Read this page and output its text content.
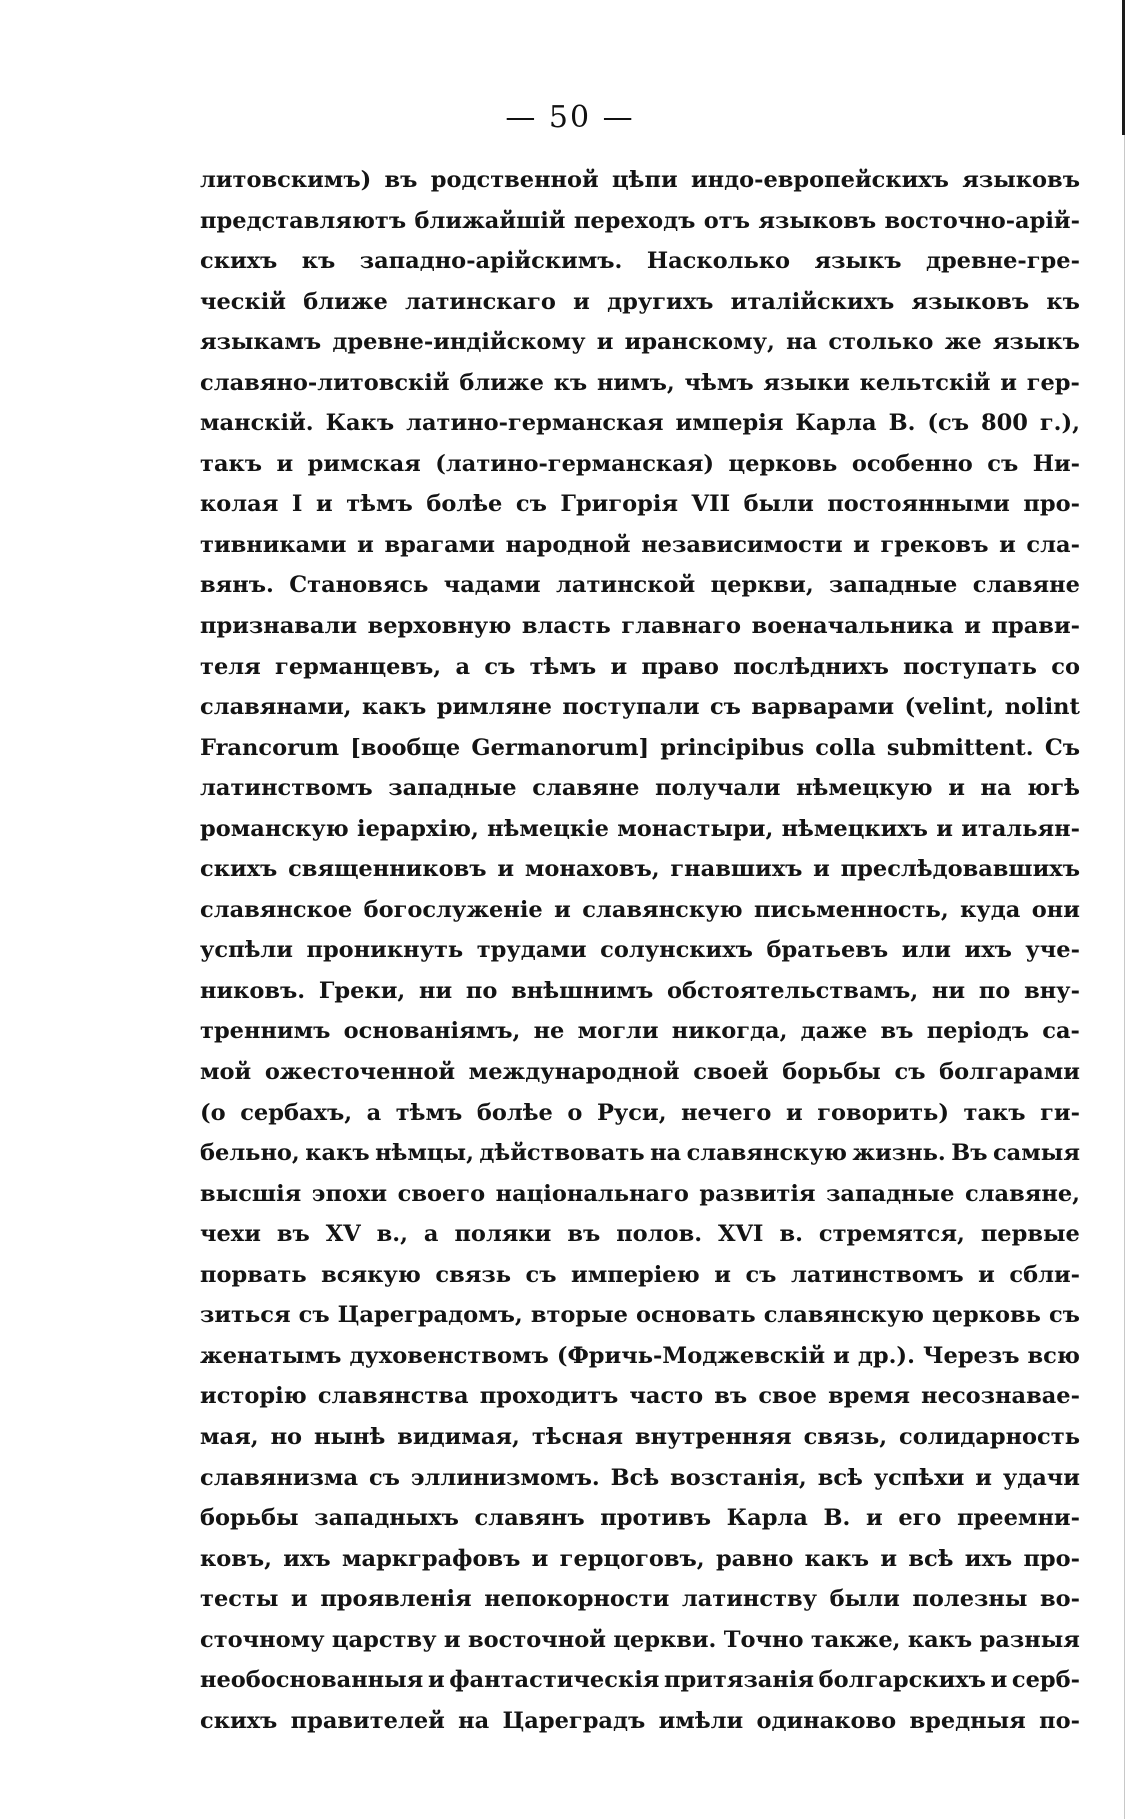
— 50 —
литовскимъ) въ родственной цѣпи индо-европейскихъ языковъ
представляютъ ближайшій переходъ отъ языковъ восточно-арій-
скихъ къ западно-арійскимъ. Насколько языкъ древне-гре-
ческій ближе латинскаго и другихъ италійскихъ языковъ къ
языкамъ древне-индійскому и иранскому, на столько же языкъ
славяно-литовскій ближе къ нимъ, чѣмъ языки кельтскій и гер-
манскій. Какъ латино-германская имперія Карла В. (съ 800 г.),
такъ и римская (латино-германская) церковь особенно съ Ни-
колая I и тѣмъ болѣе съ Григорія VII были постоянными про-
тивниками и врагами народной независимости и грековъ и сла-
вянъ. Становясь чадами латинской церкви, западные славяне
признавали верховную власть главнаго военачальника и прави-
теля германцевъ, а съ тѣмъ и право послѣднихъ поступать со
славянами, какъ римляне поступали съ варварами (velint, nolint
Francorum [вообще Germanorum] principibus colla submittent. Съ
латинствомъ западные славяне получали нѣмецкую и на югѣ
романскую іерархію, нѣмецкіе монастыри, нѣмецкихъ и итальян-
скихъ священниковъ и монаховъ, гнавшихъ и преслѣдовавшихъ
славянское богослуженіе и славянскую письменность, куда они
успѣли проникнуть трудами солунскихъ братьевъ или ихъ уче-
никовъ. Греки, ни по внѣшнимъ обстоятельствамъ, ни по вну-
треннимъ основаніямъ, не могли никогда, даже въ періодъ са-
мой ожесточенной международной своей борьбы съ болгарами
(о сербахъ, а тѣмъ болѣе о Руси, нечего и говорить) такъ ги-
бельно, какъ нѣмцы, дѣйствовать на славянскую жизнь. Въ самыя
высшія эпохи своего національнаго развитія западные славяне,
чехи въ XV в., а поляки въ полов. XVI в. стремятся, первые
порвать всякую связь съ имперіею и съ латинствомъ и сбли-
зиться съ Царегpадомъ, вторые основать славянскую церковь съ
женатымъ духовенствомъ (Фричь-Моджевскій и др.). Черезъ всю
исторію славянства проходитъ часто въ свое время несознавае-
мая, но нынѣ видимая, тѣсная внутренняя связь, солидарность
славянизма съ эллинизмомъ. Всѣ возстанія, всѣ успѣхи и удачи
борьбы западныхъ славянъ противъ Карла В. и его преемни-
ковъ, ихъ маркграфовъ и герцоговъ, равно какъ и всѣ ихъ про-
тесты и проявленія непокорности латинству были полезны во-
сточному царству и восточной церкви. Точно также, какъ разныя
необоснованныя и фантастическія притязанія болгарскихъ и серб-
скихъ правителей на Царегpадъ имѣли одинаково вредныя по-
